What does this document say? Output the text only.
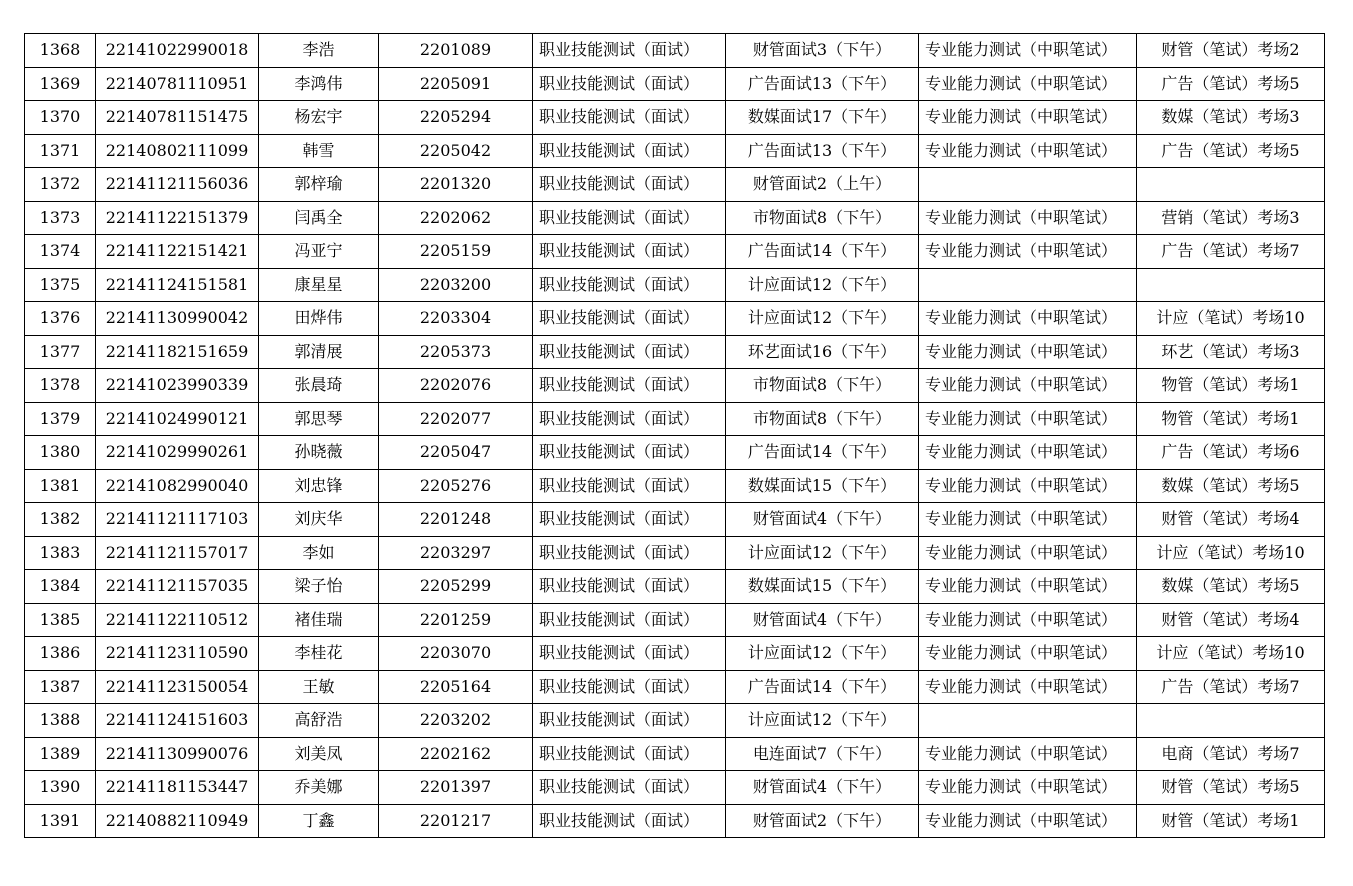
1368	22141022990018	李浩	2201089	职业技能测试（面试）	财管面试3（下午）	专业能力测试（中职笔试）	财管（笔试）考场2
1369	22140781110951	李鸿伟	2205091	职业技能测试（面试）	广告面试13（下午）	专业能力测试（中职笔试）	广告（笔试）考场5
1370	22140781151475	杨宏宇	2205294	职业技能测试（面试）	数媒面试17（下午）	专业能力测试（中职笔试）	数媒（笔试）考场3
1371	22140802111099	韩雪	2205042	职业技能测试（面试）	广告面试13（下午）	专业能力测试（中职笔试）	广告（笔试）考场5
1372	22141121156036	郭梓瑜	2201320	职业技能测试（面试）	财管面试2（上午）		
1373	22141122151379	闫禹全	2202062	职业技能测试（面试）	市物面试8（下午）	专业能力测试（中职笔试）	营销（笔试）考场3
1374	22141122151421	冯亚宁	2205159	职业技能测试（面试）	广告面试14（下午）	专业能力测试（中职笔试）	广告（笔试）考场7
1375	22141124151581	康星星	2203200	职业技能测试（面试）	计应面试12（下午）		
1376	22141130990042	田烨伟	2203304	职业技能测试（面试）	计应面试12（下午）	专业能力测试（中职笔试）	计应（笔试）考场10
1377	22141182151659	郭清展	2205373	职业技能测试（面试）	环艺面试16（下午）	专业能力测试（中职笔试）	环艺（笔试）考场3
1378	22141023990339	张晨琦	2202076	职业技能测试（面试）	市物面试8（下午）	专业能力测试（中职笔试）	物管（笔试）考场1
1379	22141024990121	郭思琴	2202077	职业技能测试（面试）	市物面试8（下午）	专业能力测试（中职笔试）	物管（笔试）考场1
1380	22141029990261	孙晓薇	2205047	职业技能测试（面试）	广告面试14（下午）	专业能力测试（中职笔试）	广告（笔试）考场6
1381	22141082990040	刘忠锋	2205276	职业技能测试（面试）	数媒面试15（下午）	专业能力测试（中职笔试）	数媒（笔试）考场5
1382	22141121117103	刘庆华	2201248	职业技能测试（面试）	财管面试4（下午）	专业能力测试（中职笔试）	财管（笔试）考场4
1383	22141121157017	李如	2203297	职业技能测试（面试）	计应面试12（下午）	专业能力测试（中职笔试）	计应（笔试）考场10
1384	22141121157035	梁子怡	2205299	职业技能测试（面试）	数媒面试15（下午）	专业能力测试（中职笔试）	数媒（笔试）考场5
1385	22141122110512	褚佳瑞	2201259	职业技能测试（面试）	财管面试4（下午）	专业能力测试（中职笔试）	财管（笔试）考场4
1386	22141123110590	李桂花	2203070	职业技能测试（面试）	计应面试12（下午）	专业能力测试（中职笔试）	计应（笔试）考场10
1387	22141123150054	王敏	2205164	职业技能测试（面试）	广告面试14（下午）	专业能力测试（中职笔试）	广告（笔试）考场7
1388	22141124151603	高舒浩	2203202	职业技能测试（面试）	计应面试12（下午）		
1389	22141130990076	刘美凤	2202162	职业技能测试（面试）	电连面试7（下午）	专业能力测试（中职笔试）	电商（笔试）考场7
1390	22141181153447	乔美娜	2201397	职业技能测试（面试）	财管面试4（下午）	专业能力测试（中职笔试）	财管（笔试）考场5
1391	22140882110949	丁鑫	2201217	职业技能测试（面试）	财管面试2（下午）	专业能力测试（中职笔试）	财管（笔试）考场1
